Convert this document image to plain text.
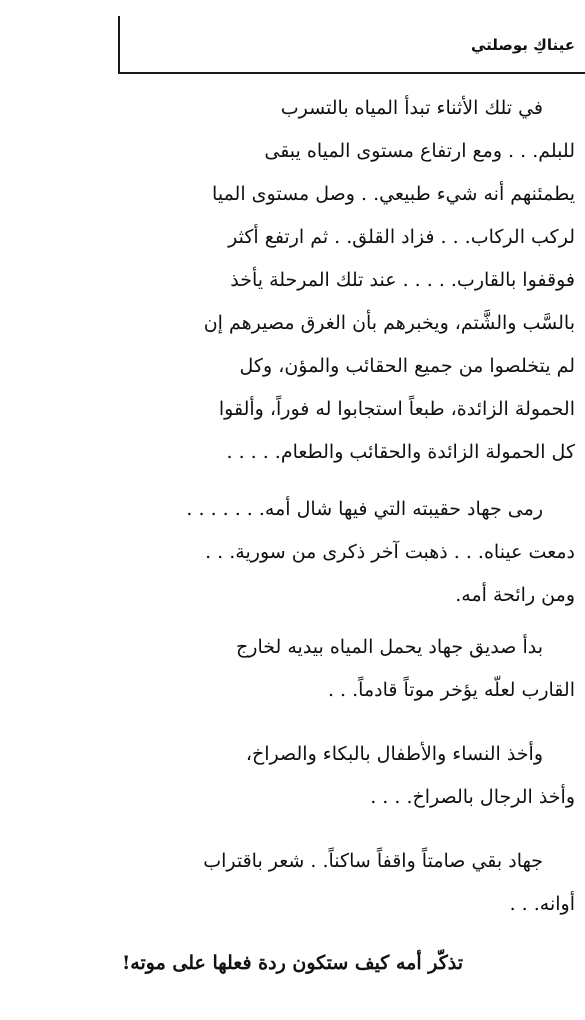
عيناكِ بوصلتي
في تلك الأثناء تبدأ المياه بالتسرب
للبلم. . . ومع ارتفاع مستوى المياه يبقى
يطمئنهم أنه شيء طبيعي. . وصل مستوى الميا
لركب الركاب. . . فزاد القلق. . ثم ارتفع أكثر
فوقفوا بالقارب. . . . . عند تلك المرحلة يأخذ
بالسَّب والشَّتم، ويخبرهم بأن الغرق مصيرهم إن
لم يتخلصوا من جميع الحقائب والمؤن، وكل
الحمولة الزائدة، طبعاً استجابوا له فوراً، وألقوا
كل الحمولة الزائدة والحقائب والطعام. . . . .
رمى جهاد حقيبته التي فيها شال أمه. . . . . . .
دمعت عيناه. . . ذهبت آخر ذكرى من سورية. . .
ومن رائحة أمه.
بدأ صديق جهاد يحمل المياه بيديه لخارج
القارب لعلّه يؤخر موتاً قادماً. . .
وأخذ النساء والأطفال بالبكاء والصراخ،
وأخذ الرجال بالصراخ. . . .
جهاد بقي صامتاً واقفاً ساكناً. . شعر باقتراب
أوانه. . .
تذكّر أمه كيف ستكون ردة فعلها على موته!
